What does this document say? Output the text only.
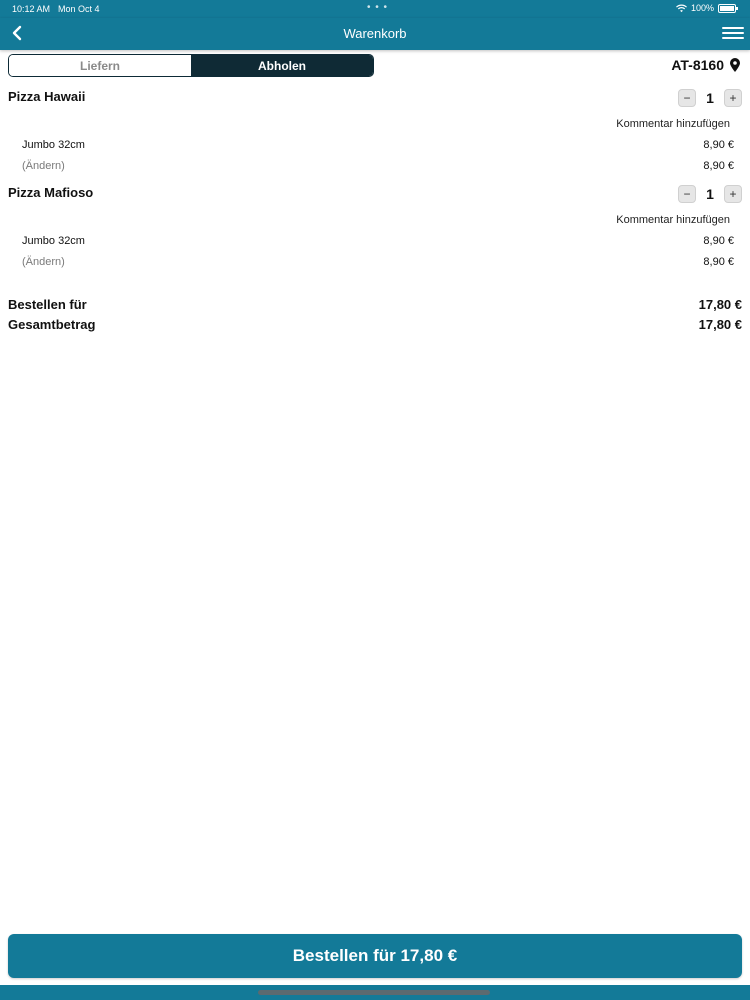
10:12 AM Mon Oct 4	• • •	100%
Warenkorb
Liefern	Abholen	AT-8160
Pizza Hawaii	−	1	+
Kommentar hinzufügen
Jumbo 32cm	8,90 €
(Ändern)	8,90 €
Pizza Mafioso	−	1	+
Kommentar hinzufügen
Jumbo 32cm	8,90 €
(Ändern)	8,90 €
Bestellen für	17,80 €
Gesamtbetrag	17,80 €
Bestellen für 17,80 €
